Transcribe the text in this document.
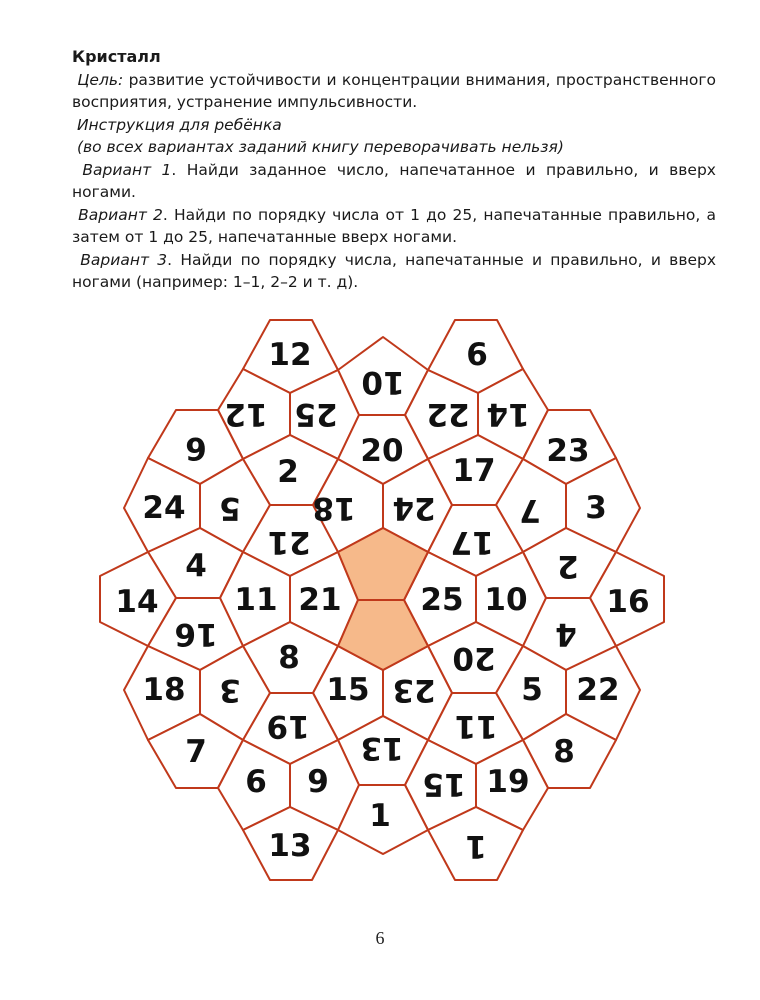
Кристалл

Цель: развитие устойчивости и концентрации внимания, пространственного восприятия, устранение импульсивности.

Инструкция для ребёнка

(во всех вариантах заданий книгу переворачивать нельзя)

Вариант 1. Найди заданное число, напечатанное и правильно, и вверх ногами.

Вариант 2. Найди по порядку числа от 1 до 25, напечатанные правильно, а затем от 1 до 25, напечатанные вверх ногами.

Вариант 3. Найди по порядку числа, напечатанные и правильно, и вверх ногами (например: 1–1, 2–2 и т. д).

12
10
6
12 25	22 14
6	20	23
2	17
24 5 18 24	7 3
21	17
4	2
14 11 21	25 10	16
16	4
8	20
18 3	15 23	5 22
19	11
7	13	8
6 9	15 19
1
13	1
6
